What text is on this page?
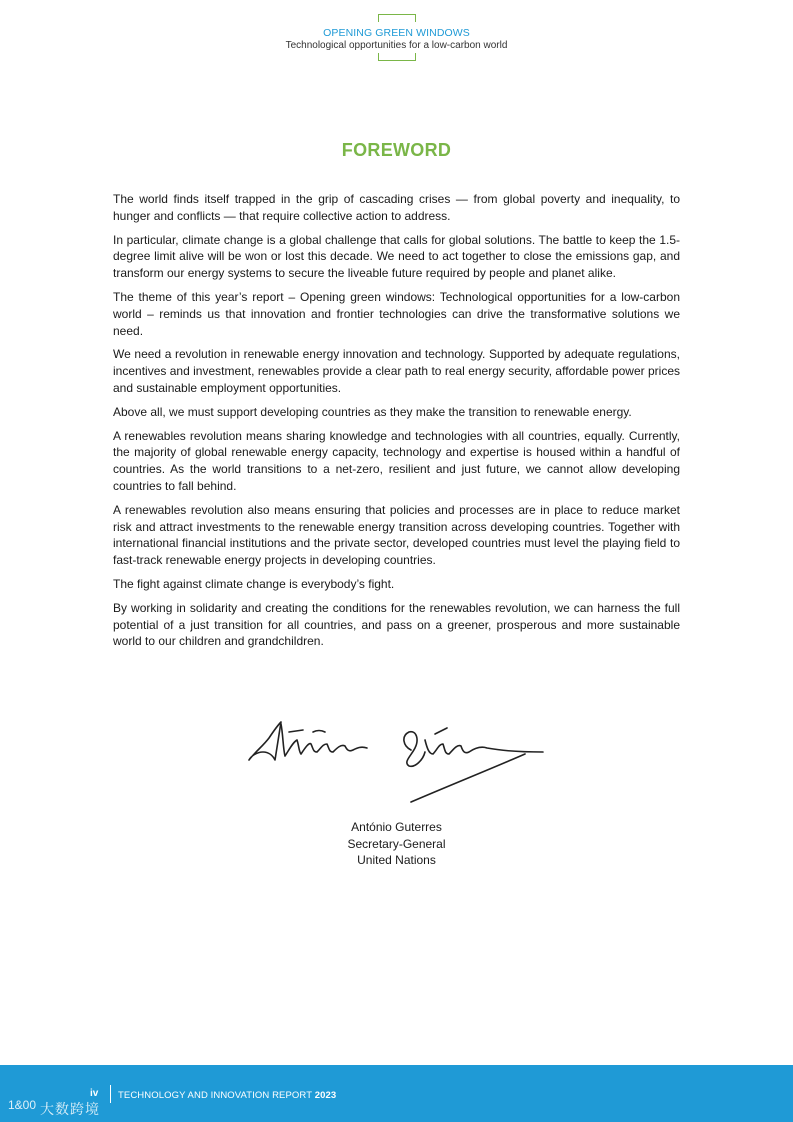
OPENING GREEN WINDOWS
Technological opportunities for a low-carbon world
FOREWORD

The world finds itself trapped in the grip of cascading crises — from global poverty and inequality, to hunger and conflicts — that require collective action to address.

In particular, climate change is a global challenge that calls for global solutions. The battle to keep the 1.5-degree limit alive will be won or lost this decade. We need to act together to close the emissions gap, and transform our energy systems to secure the liveable future required by people and planet alike.

The theme of this year’s report – Opening green windows: Technological opportunities for a low-carbon world – reminds us that innovation and frontier technologies can drive the transformative solutions we need.

We need a revolution in renewable energy innovation and technology. Supported by adequate regulations, incentives and investment, renewables provide a clear path to real energy security, affordable power prices and sustainable employment opportunities.

Above all, we must support developing countries as they make the transition to renewable energy.

A renewables revolution means sharing knowledge and technologies with all countries, equally. Currently, the majority of global renewable energy capacity, technology and expertise is housed within a handful of countries. As the world transitions to a net-zero, resilient and just future, we cannot allow developing countries to fall behind.

A renewables revolution also means ensuring that policies and processes are in place to reduce market risk and attract investments to the renewable energy transition across developing countries. Together with international financial institutions and the private sector, developed countries must level the playing field to fast-track renewable energy projects in developing countries.

The fight against climate change is everybody’s fight.

By working in solidarity and creating the conditions for the renewables revolution, we can harness the full potential of a just transition for all countries, and pass on a greener, prosperous and more sustainable world to our children and grandchildren.

António Guterres
Secretary-General
United Nations
1&00 大数跨境
iv TECHNOLOGY AND INNOVATION REPORT 2023
